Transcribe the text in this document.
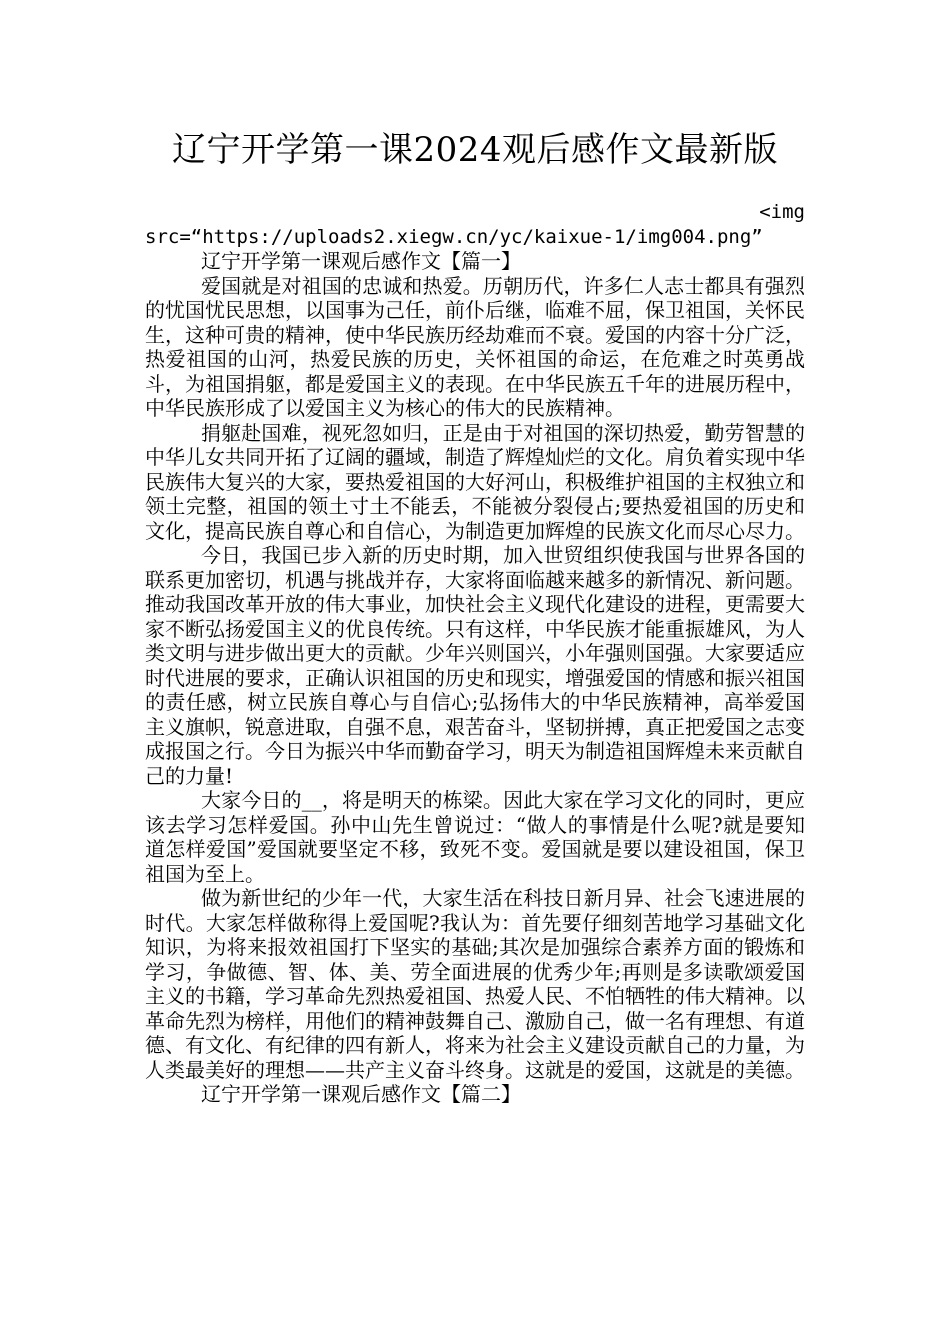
辽宁开学第一课2024观后感作文最新版

<img

src=“https://uploads2.xiegw.cn/yc/kaixue-1/img004.png”

辽宁开学第一课观后感作文【篇一】

爱国就是对祖国的忠诚和热爱。历朝历代，许多仁人志士都具有强烈的忧国忧民思想，以国事为己任，前仆后继，临难不屈，保卫祖国，关怀民生，这种可贵的精神，使中华民族历经劫难而不衰。爱国的内容十分广泛，热爱祖国的山河，热爱民族的历史，关怀祖国的命运，在危难之时英勇战斗，为祖国捐躯，都是爱国主义的表现。在中华民族五千年的进展历程中，中华民族形成了以爱国主义为核心的伟大的民族精神。

捐躯赴国难，视死忽如归，正是由于对祖国的深切热爱，勤劳智慧的中华儿女共同开拓了辽阔的疆域，制造了辉煌灿烂的文化。肩负着实现中华民族伟大复兴的大家，要热爱祖国的大好河山，积极维护祖国的主权独立和领土完整，祖国的领土寸土不能丢，不能被分裂侵占;要热爱祖国的历史和文化，提高民族自尊心和自信心，为制造更加辉煌的民族文化而尽心尽力。

今日，我国已步入新的历史时期，加入世贸组织使我国与世界各国的联系更加密切，机遇与挑战并存，大家将面临越来越多的新情况、新问题。推动我国改革开放的伟大事业，加快社会主义现代化建设的进程，更需要大家不断弘扬爱国主义的优良传统。只有这样，中华民族才能重振雄风，为人类文明与进步做出更大的贡献。少年兴则国兴，小年强则国强。大家要适应时代进展的要求，正确认识祖国的历史和现实，增强爱国的情感和振兴祖国的责任感，树立民族自尊心与自信心;弘扬伟大的中华民族精神，高举爱国主义旗帜，锐意进取，自强不息，艰苦奋斗，坚韧拼搏，真正把爱国之志变成报国之行。今日为振兴中华而勤奋学习，明天为制造祖国辉煌未来贡献自己的力量!

大家今日的__，将是明天的栋梁。因此大家在学习文化的同时，更应该去学习怎样爱国。孙中山先生曾说过：“做人的事情是什么呢?就是要知道怎样爱国”爱国就要坚定不移，致死不变。爱国就是要以建设祖国，保卫祖国为至上。

做为新世纪的少年一代，大家生活在科技日新月异、社会飞速进展的时代。大家怎样做称得上爱国呢?我认为：首先要仔细刻苦地学习基础文化知识，为将来报效祖国打下坚实的基础;其次是加强综合素养方面的锻炼和学习，争做德、智、体、美、劳全面进展的优秀少年;再则是多读歌颂爱国主义的书籍，学习革命先烈热爱祖国、热爱人民、不怕牺牲的伟大精神。以革命先烈为榜样，用他们的精神鼓舞自己、激励自己，做一名有理想、有道德、有文化、有纪律的四有新人，将来为社会主义建设贡献自己的力量，为人类最美好的理想——共产主义奋斗终身。这就是的爱国，这就是的美德。

辽宁开学第一课观后感作文【篇二】
